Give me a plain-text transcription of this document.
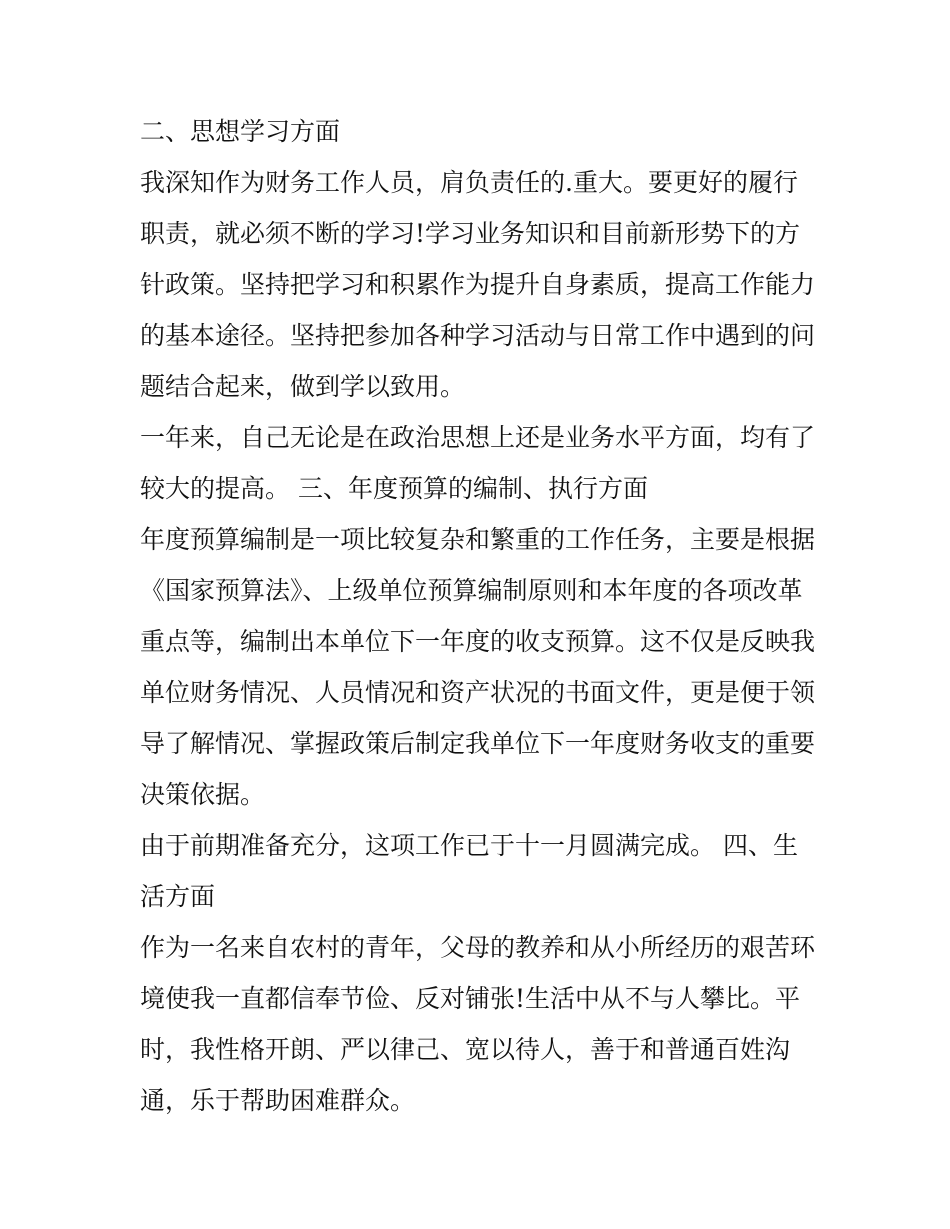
二、思想学习方面

我深知作为财务工作人员，肩负责任的.重大。要更好的履行职责，就必须不断的学习!学习业务知识和目前新形势下的方针政策。坚持把学习和积累作为提升自身素质，提高工作能力的基本途径。坚持把参加各种学习活动与日常工作中遇到的问题结合起来，做到学以致用。

一年来，自己无论是在政治思想上还是业务水平方面，均有了较大的提高。 三、年度预算的编制、执行方面

年度预算编制是一项比较复杂和繁重的工作任务，主要是根据《国家预算法》、上级单位预算编制原则和本年度的各项改革重点等，编制出本单位下一年度的收支预算。这不仅是反映我单位财务情况、人员情况和资产状况的书面文件，更是便于领导了解情况、掌握政策后制定我单位下一年度财务收支的重要决策依据。

由于前期准备充分，这项工作已于十一月圆满完成。 四、生活方面

作为一名来自农村的青年，父母的教养和从小所经历的艰苦环境使我一直都信奉节俭、反对铺张!生活中从不与人攀比。平时，我性格开朗、严以律己、宽以待人，善于和普通百姓沟通，乐于帮助困难群众。
